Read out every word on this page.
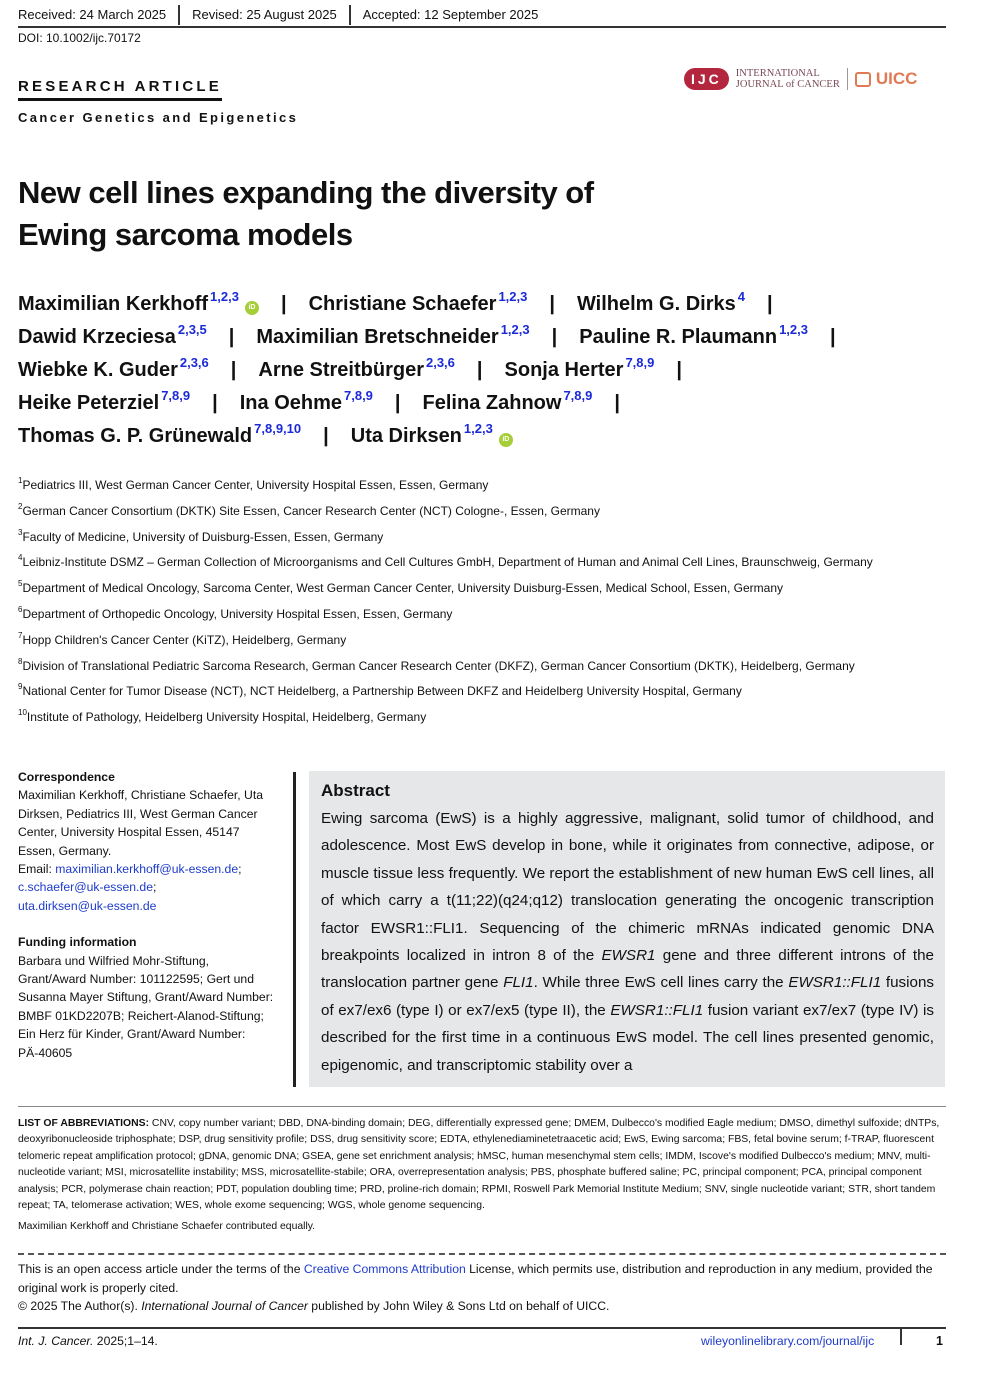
Received: 24 March 2025	Revised: 25 August 2025	Accepted: 12 September 2025
DOI: 10.1002/ijc.70172
RESEARCH ARTICLE
Cancer Genetics and Epigenetics
IJC	INTERNATIONAL
JOURNAL of CANCER UICC
New cell lines expanding the diversity of
Ewing sarcoma models
Maximilian Kerkhoff$^{1,2,3}$
iD | Christiane Schaefer$^{1,2,3}$ | Wilhelm G. Dirks$^4$ |
Dawid Krzeciesa$^{2,3,5}$ | Maximilian Bretschneider$^{1,2,3}$ | Pauline R. Plaumann$^{1,2,3}$ |
Wiebke K. Guder$^{2,3,6}$ | Arne Streitbürger$^{2,3,6}$ | Sonja Herter$^{7,8,9}$ |
Heike Peterziel$^{7,8,9}$ | Ina Oehme$^{7,8,9}$ | Felina Zahnow$^{7,8,9}$ |
Thomas G. P. Grünewald$^{7,8,9,10}$ | Uta Dirksen$^{1,2,3}$
iD
$^1$Pediatrics III, West German Cancer Center, University Hospital Essen, Essen, Germany
$^2$German Cancer Consortium (DKTK) Site Essen, Cancer Research Center (NCT) Cologne-, Essen, Germany
$^3$Faculty of Medicine, University of Duisburg-Essen, Essen, Germany
$^4$Leibniz-Institute DSMZ – German Collection of Microorganisms and Cell Cultures GmbH, Department of Human and Animal Cell Lines, Braunschweig, Germany
$^5$Department of Medical Oncology, Sarcoma Center, West German Cancer Center, University Duisburg-Essen, Medical School, Essen, Germany
$^6$Department of Orthopedic Oncology, University Hospital Essen, Essen, Germany
$^7$Hopp Children's Cancer Center (KiTZ), Heidelberg, Germany
$^8$Division of Translational Pediatric Sarcoma Research, German Cancer Research Center (DKFZ), German Cancer Consortium (DKTK), Heidelberg, Germany
$^9$National Center for Tumor Disease (NCT), NCT Heidelberg, a Partnership Between DKFZ and Heidelberg University Hospital, Germany
$^{10}$Institute of Pathology, Heidelberg University Hospital, Heidelberg, Germany
Correspondence
Maximilian Kerkhoff, Christiane Schaefer, Uta Dirksen, Pediatrics III, West German Cancer Center, University Hospital Essen, 45147 Essen, Germany.
Email: maximilian.kerkhoff@uk-essen.de;
c.schaefer@uk-essen.de;
uta.dirksen@uk-essen.de
Funding information
Barbara und Wilfried Mohr-Stiftung, Grant/Award Number: 101122595; Gert und Susanna Mayer Stiftung, Grant/Award Number: BMBF 01KD2207B; Reichert-Alanod-Stiftung; Ein Herz für Kinder, Grant/Award Number: PÄ-40605
Abstract

Ewing sarcoma (EwS) is a highly aggressive, malignant, solid tumor of childhood, and adolescence. Most EwS develop in bone, while it originates from connective, adipose, or muscle tissue less frequently. We report the establishment of new human EwS cell lines, all of which carry a t(11;22)(q24;q12) translocation generating the oncogenic transcription factor EWSR1::FLI1. Sequencing of the chimeric mRNAs indicated genomic DNA breakpoints localized in intron 8 of the EWSR1 gene and three different introns of the translocation partner gene FLI1. While three EwS cell lines carry the EWSR1::FLI1 fusions of ex7/ex6 (type I) or ex7/ex5 (type II), the EWSR1::FLI1 fusion variant ex7/ex7 (type IV) is described for the first time in a continuous EwS model. The cell lines presented genomic, epigenomic, and transcriptomic stability over a

LIST OF ABBREVIATIONS: CNV, copy number variant; DBD, DNA-binding domain; DEG, differentially expressed gene; DMEM, Dulbecco's modified Eagle medium; DMSO, dimethyl sulfoxide; dNTPs, deoxyribonucleoside triphosphate; DSP, drug sensitivity profile; DSS, drug sensitivity score; EDTA, ethylenediaminetetraacetic acid; EwS, Ewing sarcoma; FBS, fetal bovine serum; f-TRAP, fluorescent telomeric repeat amplification protocol; gDNA, genomic DNA; GSEA, gene set enrichment analysis; hMSC, human mesenchymal stem cells; IMDM, Iscove's modified Dulbecco's medium; MNV, multi-nucleotide variant; MSI, microsatellite instability; MSS, microsatellite-stabile; ORA, overrepresentation analysis; PBS, phosphate buffered saline; PC, principal component; PCA, principal component analysis; PCR, polymerase chain reaction; PDT, population doubling time; PRD, proline-rich domain; RPMI, Roswell Park Memorial Institute Medium; SNV, single nucleotide variant; STR, short tandem repeat; TA, telomerase activation; WES, whole exome sequencing; WGS, whole genome sequencing.
Maximilian Kerkhoff and Christiane Schaefer contributed equally.
This is an open access article under the terms of the Creative Commons Attribution License, which permits use, distribution and reproduction in any medium, provided the original work is properly cited.
© 2025 The Author(s). International Journal of Cancer published by John Wiley & Sons Ltd on behalf of UICC.
Int. J. Cancer. 2025;1–14.	wileyonlinelibrary.com/journal/ijc	1
